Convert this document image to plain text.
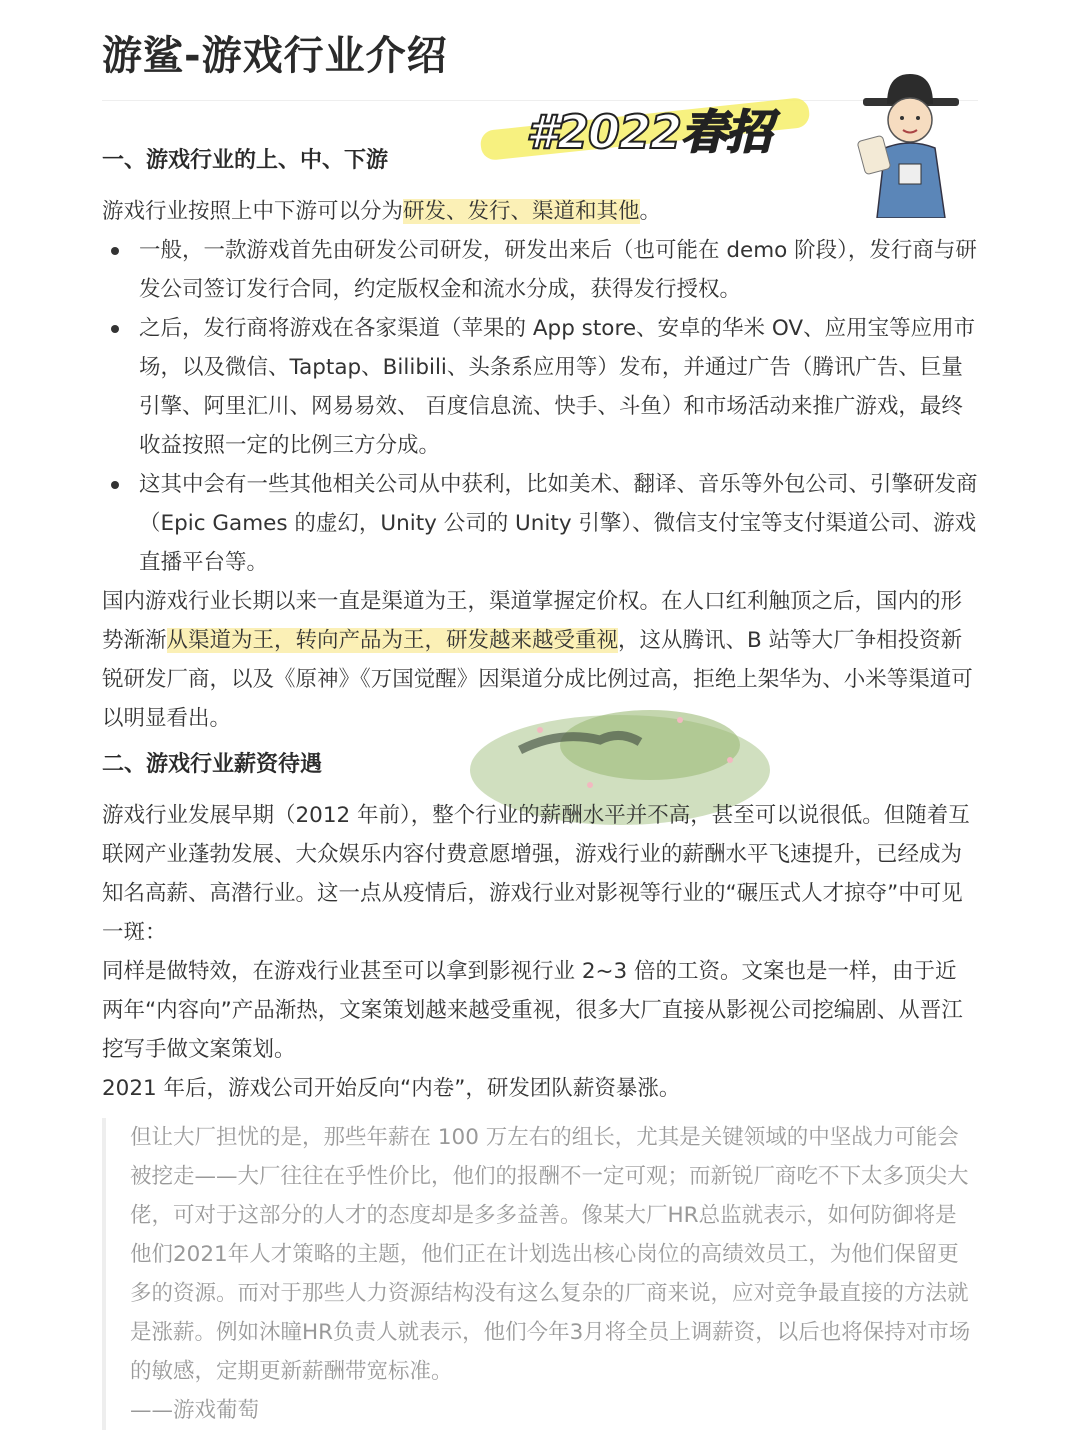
游鲨-游戏行业介绍
一、游戏行业的上、中、下游

游戏行业按照上中下游可以分为研发、发行、渠道和其他。

一般，一款游戏首先由研发公司研发，研发出来后（也可能在 demo 阶段），发行商与研发公司签订发行合同，约定版权金和流水分成，获得发行授权。
之后，发行商将游戏在各家渠道（苹果的 App store、安卓的华米 OV、应用宝等应用市场，以及微信、Taptap、Bilibili、头条系应用等）发布，并通过广告（腾讯广告、巨量引擎、阿里汇川、网易易效、 百度信息流、快手、斗鱼）和市场活动来推广游戏，最终收益按照一定的比例三方分成。
这其中会有一些其他相关公司从中获利，比如美术、翻译、音乐等外包公司、引擎研发商（Epic Games 的虚幻，Unity 公司的 Unity 引擎）、微信支付宝等支付渠道公司、游戏直播平台等。

国内游戏行业长期以来一直是渠道为王，渠道掌握定价权。在人口红利触顶之后，国内的形势渐渐从渠道为王，转向产品为王，研发越来越受重视，这从腾讯、B 站等大厂争相投资新锐研发厂商，以及《原神》《万国觉醒》因渠道分成比例过高，拒绝上架华为、小米等渠道可以明显看出。

二、游戏行业薪资待遇

游戏行业发展早期（2012 年前），整个行业的薪酬水平并不高，甚至可以说很低。但随着互联网产业蓬勃发展、大众娱乐内容付费意愿增强，游戏行业的薪酬水平飞速提升，已经成为知名高薪、高潜行业。这一点从疫情后，游戏行业对影视等行业的“碾压式人才掠夺”中可见一斑：

同样是做特效，在游戏行业甚至可以拿到影视行业 2~3 倍的工资。文案也是一样，由于近两年“内容向”产品渐热，文案策划越来越受重视，很多大厂直接从影视公司挖编剧、从晋江挖写手做文案策划。

2021 年后，游戏公司开始反向“内卷”，研发团队薪资暴涨。

但让大厂担忧的是，那些年薪在 100 万左右的组长，尤其是关键领域的中坚战力可能会被挖走——大厂往往在乎性价比，他们的报酬不一定可观；而新锐厂商吃不下太多顶尖大佬，可对于这部分的人才的态度却是多多益善。像某大厂HR总监就表示，如何防御将是他们2021年人才策略的主题，他们正在计划选出核心岗位的高绩效员工，为他们保留更多的资源。而对于那些人力资源结构没有这么复杂的厂商来说，应对竞争最直接的方法就是涨薪。例如沐瞳HR负责人就表示，他们今年3月将全员上调薪资，以后也将保持对市场的敏感，定期更新薪酬带宽标准。

——游戏葡萄

#2022春招
